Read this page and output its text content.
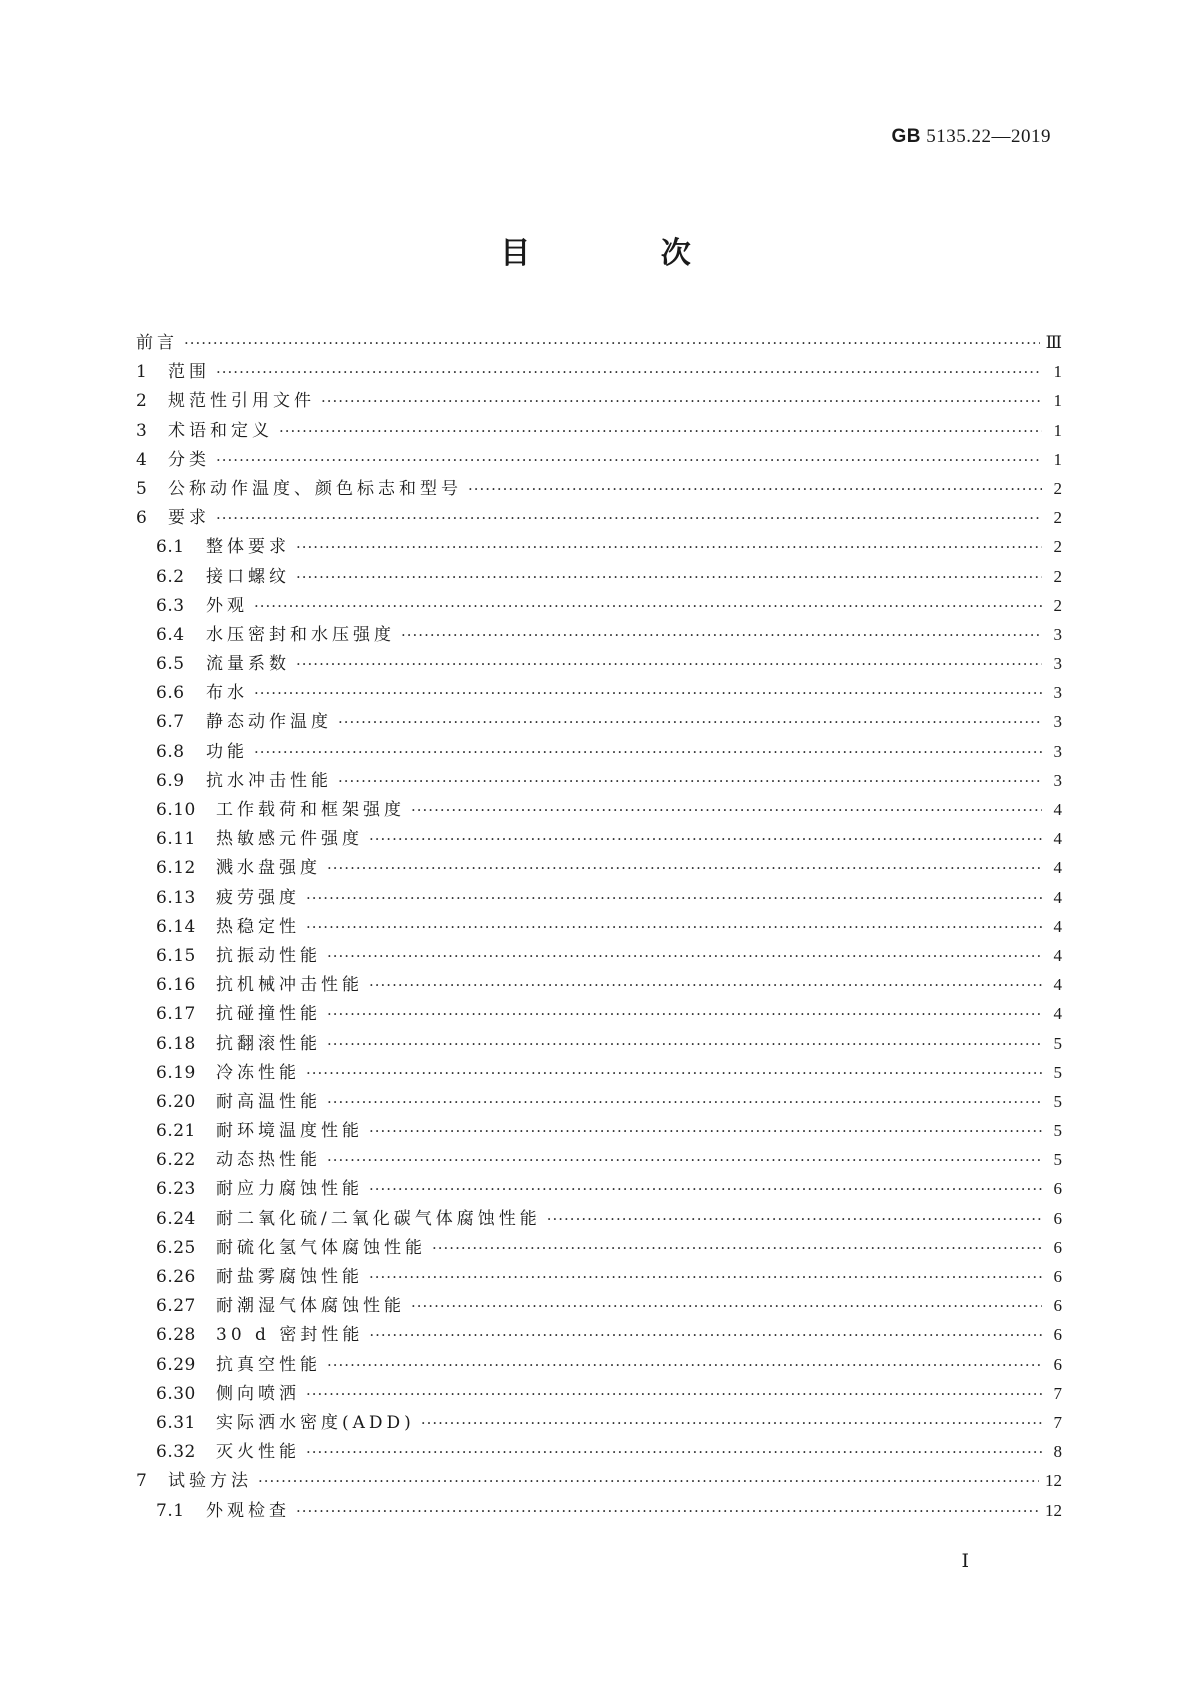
GB 5135.22—2019
目 次
前言 ·····	Ⅲ
1	范围 ·····	1
2	规范性引用文件 ·····	1
3	术语和定义 ·····	1
4	分类 ·····	1
5	公称动作温度、颜色标志和型号 ·····	2
6	要求 ·····	2
6.1	整体要求 ·····	2
6.2	接口螺纹 ·····	2
6.3	外观 ·····	2
6.4	水压密封和水压强度 ·····	3
6.5	流量系数 ·····	3
6.6	布水 ·····	3
6.7	静态动作温度 ·····	3
6.8	功能 ·····	3
6.9	抗水冲击性能 ·····	3
6.10	工作载荷和框架强度 ·····	4
6.11	热敏感元件强度 ·····	4
6.12	溅水盘强度 ·····	4
6.13	疲劳强度 ·····	4
6.14	热稳定性 ·····	4
6.15	抗振动性能 ·····	4
6.16	抗机械冲击性能 ·····	4
6.17	抗碰撞性能 ·····	4
6.18	抗翻滚性能 ·····	5
6.19	冷冻性能 ·····	5
6.20	耐高温性能 ·····	5
6.21	耐环境温度性能 ·····	5
6.22	动态热性能 ·····	5
6.23	耐应力腐蚀性能 ·····	6
6.24	耐二氧化硫/二氧化碳气体腐蚀性能 ·····	6
6.25	耐硫化氢气体腐蚀性能 ·····	6
6.26	耐盐雾腐蚀性能 ·····	6
6.27	耐潮湿气体腐蚀性能 ·····	6
6.28	30 d 密封性能 ·····	6
6.29	抗真空性能 ·····	6
6.30	侧向喷洒 ·····	7
6.31	实际洒水密度(ADD) ·····	7
6.32	灭火性能 ·····	8
7	试验方法 ·····	12
7.1	外观检查 ·····	12
Ⅰ
